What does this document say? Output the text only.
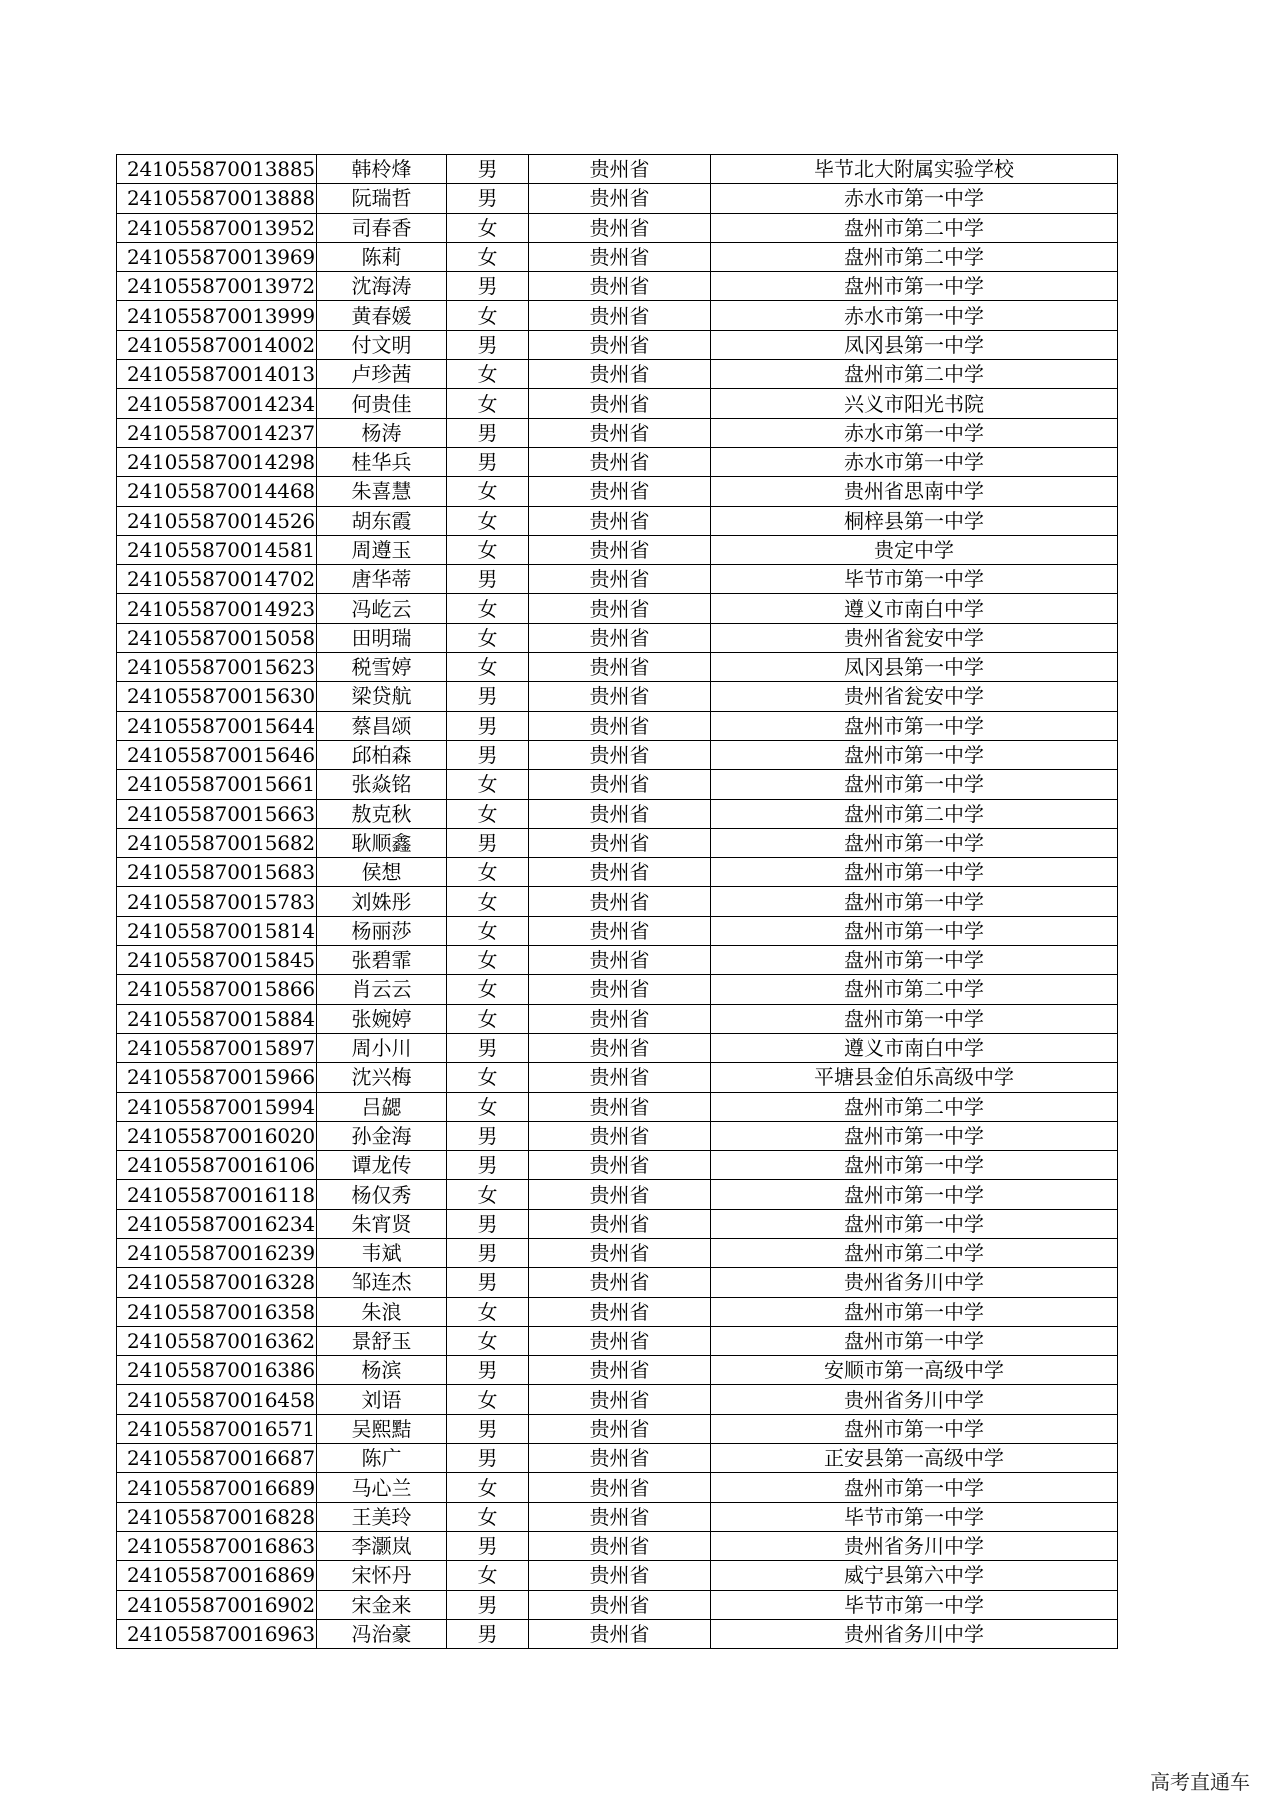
241055870013885	韩柃烽	男	贵州省	毕节北大附属实验学校
241055870013888	阮瑞哲	男	贵州省	赤水市第一中学
241055870013952	司春香	女	贵州省	盘州市第二中学
241055870013969	陈莉	女	贵州省	盘州市第二中学
241055870013972	沈海涛	男	贵州省	盘州市第一中学
241055870013999	黄春媛	女	贵州省	赤水市第一中学
241055870014002	付文明	男	贵州省	凤冈县第一中学
241055870014013	卢珍茜	女	贵州省	盘州市第二中学
241055870014234	何贵佳	女	贵州省	兴义市阳光书院
241055870014237	杨涛	男	贵州省	赤水市第一中学
241055870014298	桂华兵	男	贵州省	赤水市第一中学
241055870014468	朱喜慧	女	贵州省	贵州省思南中学
241055870014526	胡东霞	女	贵州省	桐梓县第一中学
241055870014581	周遵玉	女	贵州省	贵定中学
241055870014702	唐华蒂	男	贵州省	毕节市第一中学
241055870014923	冯屹云	女	贵州省	遵义市南白中学
241055870015058	田明瑞	女	贵州省	贵州省瓮安中学
241055870015623	税雪婷	女	贵州省	凤冈县第一中学
241055870015630	梁贷航	男	贵州省	贵州省瓮安中学
241055870015644	蔡昌颂	男	贵州省	盘州市第一中学
241055870015646	邱柏森	男	贵州省	盘州市第一中学
241055870015661	张焱铭	女	贵州省	盘州市第一中学
241055870015663	敖克秋	女	贵州省	盘州市第二中学
241055870015682	耿顺鑫	男	贵州省	盘州市第一中学
241055870015683	侯想	女	贵州省	盘州市第一中学
241055870015783	刘姝彤	女	贵州省	盘州市第一中学
241055870015814	杨丽莎	女	贵州省	盘州市第一中学
241055870015845	张碧霏	女	贵州省	盘州市第一中学
241055870015866	肖云云	女	贵州省	盘州市第二中学
241055870015884	张婉婷	女	贵州省	盘州市第一中学
241055870015897	周小川	男	贵州省	遵义市南白中学
241055870015966	沈兴梅	女	贵州省	平塘县金伯乐高级中学
241055870015994	吕勰	女	贵州省	盘州市第二中学
241055870016020	孙金海	男	贵州省	盘州市第一中学
241055870016106	谭龙传	男	贵州省	盘州市第一中学
241055870016118	杨仅秀	女	贵州省	盘州市第一中学
241055870016234	朱宵贤	男	贵州省	盘州市第一中学
241055870016239	韦斌	男	贵州省	盘州市第二中学
241055870016328	邹连杰	男	贵州省	贵州省务川中学
241055870016358	朱浪	女	贵州省	盘州市第一中学
241055870016362	景舒玉	女	贵州省	盘州市第一中学
241055870016386	杨滨	男	贵州省	安顺市第一高级中学
241055870016458	刘语	女	贵州省	贵州省务川中学
241055870016571	吴熙黠	男	贵州省	盘州市第一中学
241055870016687	陈广	男	贵州省	正安县第一高级中学
241055870016689	马心兰	女	贵州省	盘州市第一中学
241055870016828	王美玲	女	贵州省	毕节市第一中学
241055870016863	李灏岚	男	贵州省	贵州省务川中学
241055870016869	宋怀丹	女	贵州省	威宁县第六中学
241055870016902	宋金来	男	贵州省	毕节市第一中学
241055870016963	冯治豪	男	贵州省	贵州省务川中学
高考直通车
